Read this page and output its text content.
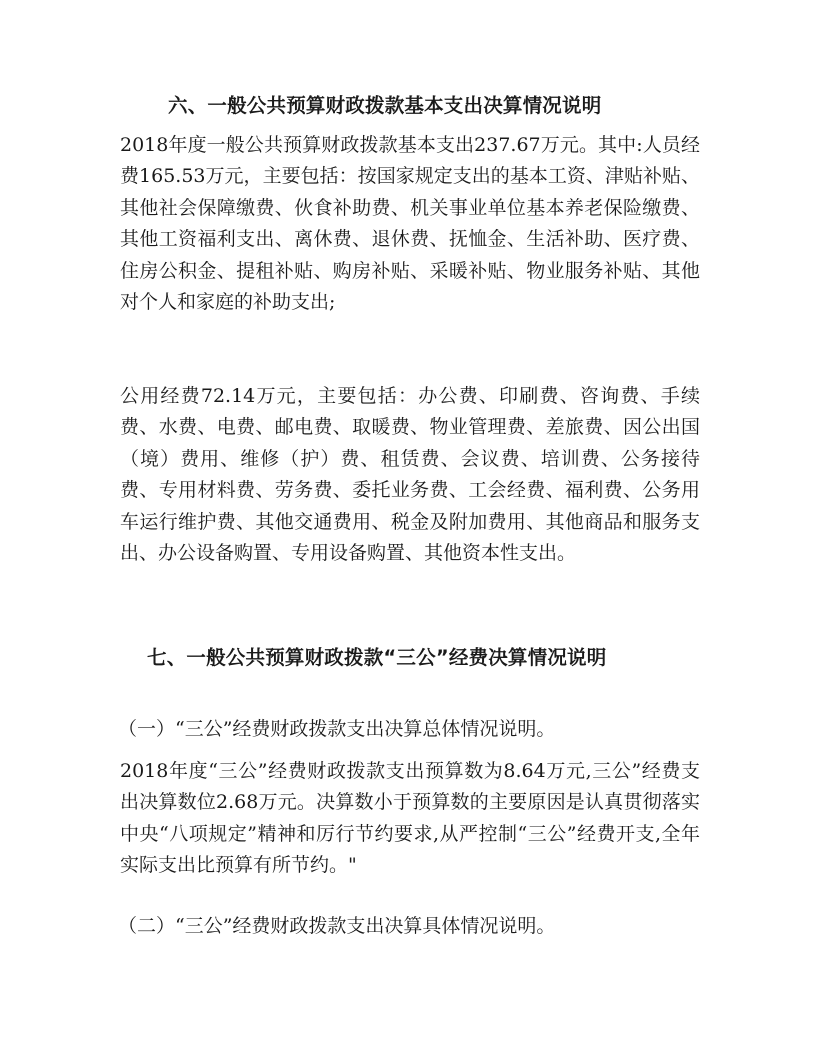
六、一般公共预算财政拨款基本支出决算情况说明
2018年度一般公共预算财政拨款基本支出237.67万元。其中:人员经费165.53万元，主要包括：按国家规定支出的基本工资、津贴补贴、其他社会保障缴费、伙食补助费、机关事业单位基本养老保险缴费、其他工资福利支出、离休费、退休费、抚恤金、生活补助、医疗费、住房公积金、提租补贴、购房补贴、采暖补贴、物业服务补贴、其他对个人和家庭的补助支出;
公用经费72.14万元，主要包括：办公费、印刷费、咨询费、手续费、水费、电费、邮电费、取暖费、物业管理费、差旅费、因公出国（境）费用、维修（护）费、租赁费、会议费、培训费、公务接待费、专用材料费、劳务费、委托业务费、工会经费、福利费、公务用车运行维护费、其他交通费用、税金及附加费用、其他商品和服务支出、办公设备购置、专用设备购置、其他资本性支出。
七、一般公共预算财政拨款“三公”经费决算情况说明
（一）“三公”经费财政拨款支出决算总体情况说明。
2018年度“三公”经费财政拨款支出预算数为8.64万元,三公”经费支出决算数位2.68万元。决算数小于预算数的主要原因是认真贯彻落实中央“八项规定”精神和厉行节约要求,从严控制“三公”经费开支,全年实际支出比预算有所节约。"
（二）“三公”经费财政拨款支出决算具体情况说明。
